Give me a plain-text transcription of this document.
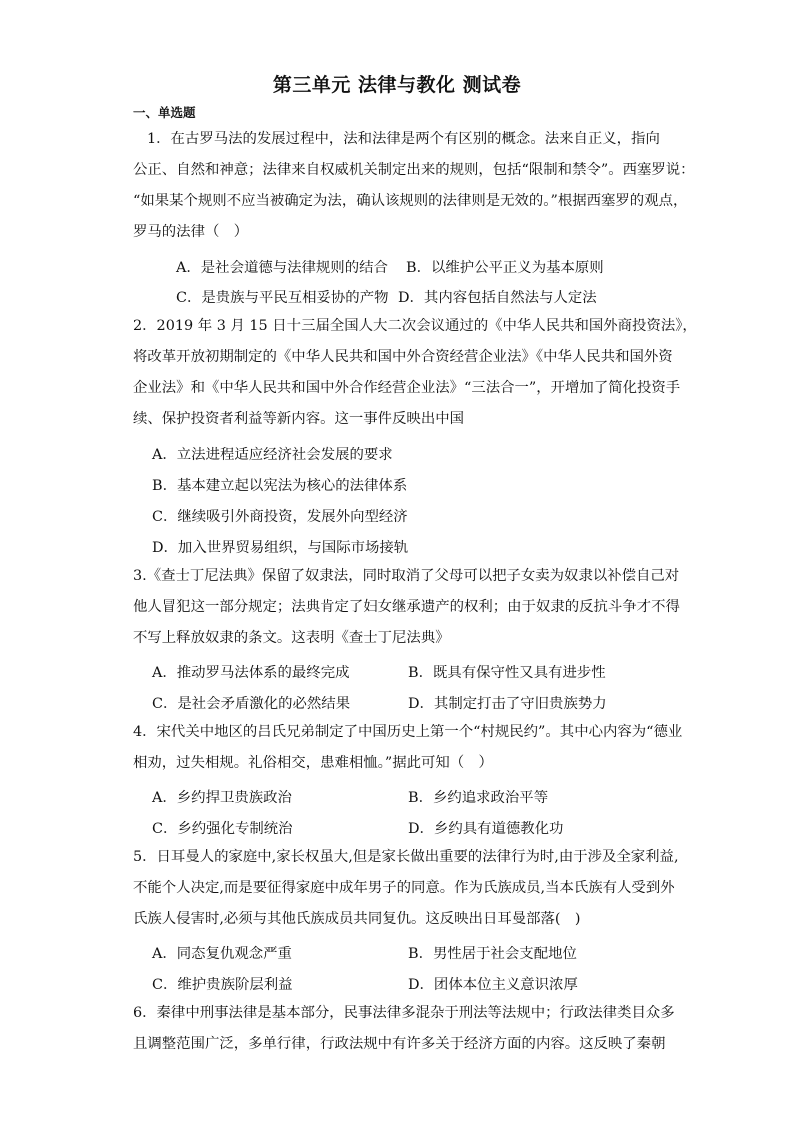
第三单元 法律与教化 测试卷
一、单选题

1．在古罗马法的发展过程中，法和法律是两个有区别的概念。法来自正义，指向

公正、自然和神意；法律来自权威机关制定出来的规则，包括“限制和禁令”。西塞罗说：

“如果某个规则不应当被确定为法，确认该规则的法律则是无效的。”根据西塞罗的观点，

罗马的法律（　）

A．是社会道德与法律规则的结合 B．以维护公平正义为基本原则
C．是贵族与平民互相妥协的产物 D．其内容包括自然法与人定法

2．2019 年 3 月 15 日十三届全国人大二次会议通过的《中华人民共和国外商投资法》，

将改革开放初期制定的《中华人民共和国中外合资经营企业法》《中华人民共和国外资

企业法》和《中华人民共和国中外合作经营企业法》“三法合一”，开增加了简化投资手

续、保护投资者利益等新内容。这一事件反映出中国

A．立法进程适应经济社会发展的要求
B．基本建立起以宪法为核心的法律体系
C．继续吸引外商投资，发展外向型经济
D．加入世界贸易组织，与国际市场接轨

3.《查士丁尼法典》保留了奴隶法，同时取消了父母可以把子女卖为奴隶以补偿自己对

他人冒犯这一部分规定；法典肯定了妇女继承遗产的权利；由于奴隶的反抗斗争才不得

不写上释放奴隶的条文。这表明《查士丁尼法典》

A．推动罗马法体系的最终完成	B．既具有保守性又具有进步性
C．是社会矛盾激化的必然结果	D．其制定打击了守旧贵族势力

4．宋代关中地区的吕氏兄弟制定了中国历史上第一个“村规民约”。其中心内容为“德业

相劝，过失相规。礼俗相交，患难相恤。”据此可知（　）

A．乡约捍卫贵族政治	B．乡约追求政治平等
C．乡约强化专制统治	D．乡约具有道德教化功

5．日耳曼人的家庭中,家长权虽大,但是家长做出重要的法律行为时,由于涉及全家利益,

不能个人决定,而是要征得家庭中成年男子的同意。作为氏族成员,当本氏族有人受到外

氏族人侵害时,必须与其他氏族成员共同复仇。这反映出日耳曼部落(　)

A．同态复仇观念严重	B．男性居于社会支配地位
C．维护贵族阶层利益	D．团体本位主义意识浓厚

6．秦律中刑事法律是基本部分，民事法律多混杂于刑法等法规中；行政法律类目众多

且调整范围广泛，多单行律，行政法规中有许多关于经济方面的内容。这反映了秦朝
